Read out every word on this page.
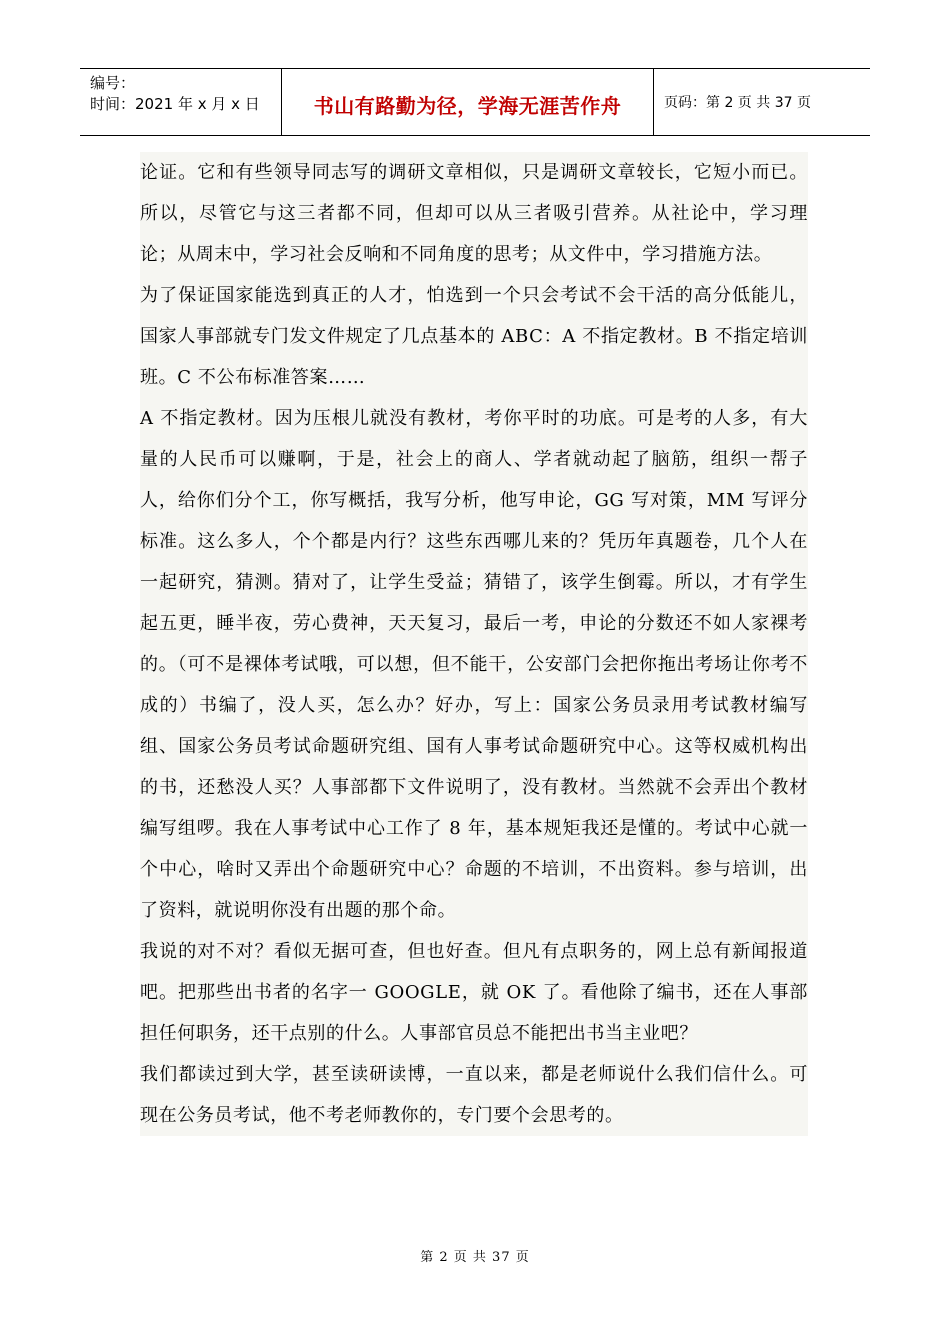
编号：
时间：2021 年 x 月 x 日	书山有路勤为径，学海无涯苦作舟	页码：第 2 页 共 37 页

论证。它和有些领导同志写的调研文章相似，只是调研文章较长，它短小而已。所以，尽管它与这三者都不同，但却可以从三者吸引营养。从社论中，学习理论；从周末中，学习社会反响和不同角度的思考；从文件中，学习措施方法。

为了保证国家能选到真正的人才，怕选到一个只会考试不会干活的高分低能儿，国家人事部就专门发文件规定了几点基本的 ABC：A 不指定教材。B 不指定培训班。C 不公布标准答案……

A 不指定教材。因为压根儿就没有教材，考你平时的功底。可是考的人多，有大量的人民币可以赚啊，于是，社会上的商人、学者就动起了脑筋，组织一帮子人，给你们分个工，你写概括，我写分析，他写申论，GG 写对策，MM 写评分标准。这么多人，个个都是内行？这些东西哪儿来的？凭历年真题卷，几个人在一起研究，猜测。猜对了，让学生受益；猜错了，该学生倒霉。所以，才有学生起五更，睡半夜，劳心费神，天天复习，最后一考，申论的分数还不如人家裸考的。（可不是裸体考试哦，可以想，但不能干，公安部门会把你拖出考场让你考不成的）书编了，没人买，怎么办？好办，写上：国家公务员录用考试教材编写组、国家公务员考试命题研究组、国有人事考试命题研究中心。这等权威机构出的书，还愁没人买？人事部都下文件说明了，没有教材。当然就不会弄出个教材编写组啰。我在人事考试中心工作了 8 年，基本规矩我还是懂的。考试中心就一个中心，啥时又弄出个命题研究中心？命题的不培训，不出资料。参与培训，出了资料，就说明你没有出题的那个命。

我说的对不对？看似无据可查，但也好查。但凡有点职务的，网上总有新闻报道吧。把那些出书者的名字一 GOOGLE，就 OK 了。看他除了编书，还在人事部担任何职务，还干点别的什么。人事部官员总不能把出书当主业吧？

我们都读过到大学，甚至读研读博，一直以来，都是老师说什么我们信什么。可现在公务员考试，他不考老师教你的，专门要个会思考的。

第 2 页 共 37 页
